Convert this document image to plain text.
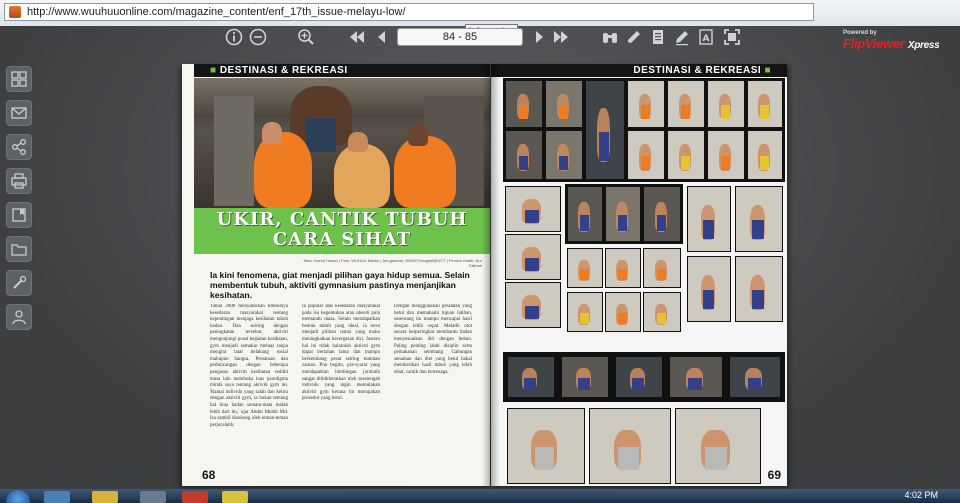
http://www.wuuhuuonline.com/magazine_content/enf_17th_issue-melayu-low/
A
84 - 85	Powered by
FlipViewer Xpress
■ DESTINASI & REKREASI
UKIR, CANTIK TUBUH
CARA SIHAT
Teks: Hazrul Hasan | Foto: WUHUU Media | Jurugambar: WWW.Fotografi@UCT | Pereka Grafik: Nur Fatihah
Ia kini fenomena, giat menjadi pilihan gaya hidup semua. Selain membentuk tubuh, aktiviti gymnasium pastinya menjanjikan kesihatan.
Tahun 2008 menyaksikan timbulnya kesedaran masyarakat tentang kepentingan menjaga kesihatan tubuh badan. Dan seiring dengan peningkatan tersebut, aktiviti mengunjungi pusat kegiatan kesihatan, gym menjadi semakin meluas tanpa mengira latar belakang sosial mahupun bangsa. Persatuan dan perbincangan dengan beberapa pengasas aktiviti kesihatan sedikit masa lalu membuka luas paradigma minda saya tentang aktiviti gym ini. 'Ramai individu yang salah dan keliru dengan aktiviti gym, ia bukan tentang hal bina badan semata-mata malah lebih dari itu,' ujar Abdul Muhib Md. Isa sambil disokong oleh teman-teman perjurulatih.
Ia popular atas kesedaran masyarakat pada isu kegemukan atau obesiti pula memandu masa. Selain mendapatkan bentuk tubuh yang ideal, ia turut menjadi pilihan ramai yang mahu meningkatkan kecergasan diri. Justeru hal ini tidak hairanlah aktiviti gym dapat bertahan lama dan mampu berkembang pesat seiring tuntutan zaman. Pun begitu, pra-syarat yang mendapatkan bimbingan jurulatih sangat dititikberatkan oleh sesetengah individu yang ingin memulakan aktiviti gym kerana itu merupakan prosedur yang betul.
Dengan menggunakan peralatan yang betul dan memahami tujuan latihan, seseorang itu mampu mencapai hasil dengan lebih cepat. Melatih otot secara berperingkat membantu badan menyesuaikan diri dengan beban. Paling penting ialah disiplin serta pemakanan seimbang. Gabungan senaman dan diet yang betul bakal memberikan hasil tubuh yang lebih sihat, cantik dan bertenaga.
68
DESTINASI & REKREASI ■
69
4:02 PM
